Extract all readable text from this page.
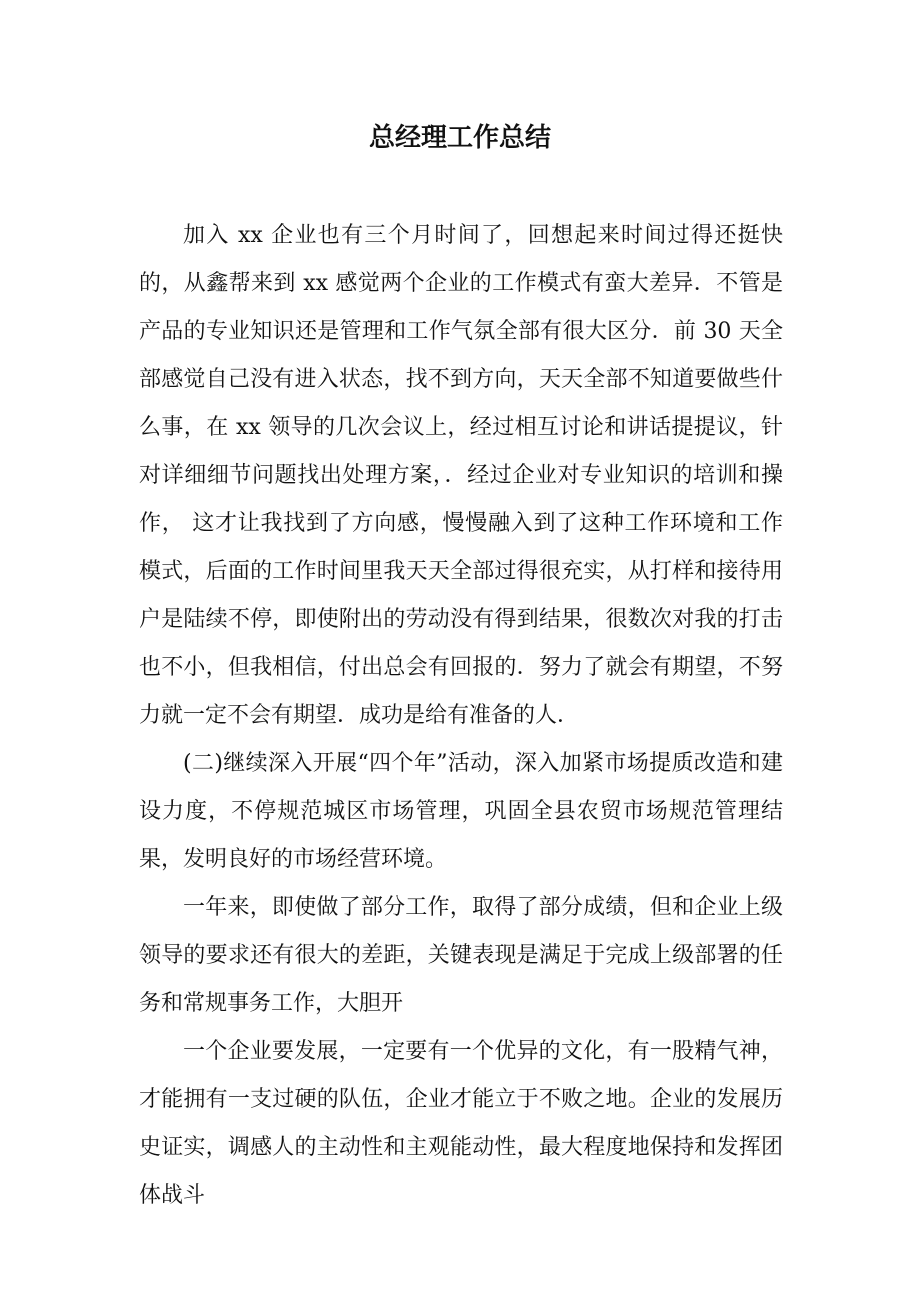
总经理工作总结

加入 xx 企业也有三个月时间了，回想起来时间过得还挺快的，从鑫帮来到 xx 感觉两个企业的工作模式有蛮大差异．不管是产品的专业知识还是管理和工作气氛全部有很大区分．前 30 天全部感觉自己没有进入状态，找不到方向，天天全部不知道要做些什么事，在 xx 领导的几次会议上，经过相互讨论和讲话提提议，针对详细细节问题找出处理方案，．经过企业对专业知识的培训和操作， 这才让我找到了方向感，慢慢融入到了这种工作环境和工作模式，后面的工作时间里我天天全部过得很充实，从打样和接待用户是陆续不停，即使附出的劳动没有得到结果，很数次对我的打击也不小，但我相信，付出总会有回报的．努力了就会有期望，不努力就一定不会有期望．成功是给有准备的人．

(二)继续深入开展“四个年”活动，深入加紧市场提质改造和建设力度，不停规范城区市场管理，巩固全县农贸市场规范管理结果，发明良好的市场经营环境。

一年来，即使做了部分工作，取得了部分成绩，但和企业上级领导的要求还有很大的差距，关键表现是满足于完成上级部署的任务和常规事务工作，大胆开

一个企业要发展，一定要有一个优异的文化，有一股精气神，才能拥有一支过硬的队伍，企业才能立于不败之地。企业的发展历史证实，调感人的主动性和主观能动性，最大程度地保持和发挥团体战斗
